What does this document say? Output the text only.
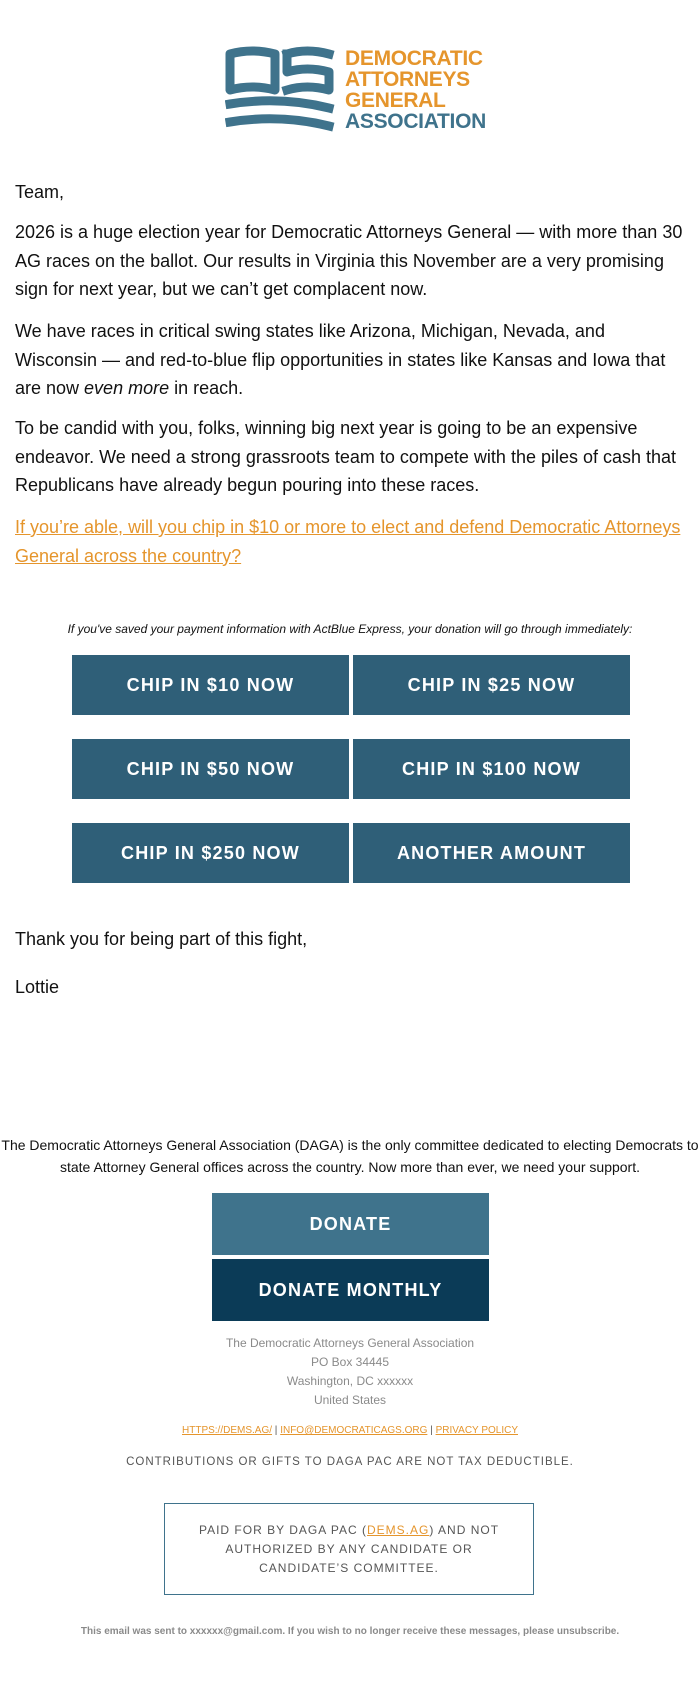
DEMOCRATIC
ATTORNEYS
GENERAL
ASSOCIATION

Team,

2026 is a huge election year for Democratic Attorneys General — with more than 30 AG races on the ballot. Our results in Virginia this November are a very promising sign for next year, but we can’t get complacent now.

We have races in critical swing states like Arizona, Michigan, Nevada, and Wisconsin — and red-to-blue flip opportunities in states like Kansas and Iowa that are now even more in reach.

To be candid with you, folks, winning big next year is going to be an expensive endeavor. We need a strong grassroots team to compete with the piles of cash that Republicans have already begun pouring into these races.

If you’re able, will you chip in $10 or more to elect and defend Democratic Attorneys General across the country?

If you've saved your payment information with ActBlue Express, your donation will go through immediately:
CHIP IN $10 NOW	CHIP IN $25 NOW
CHIP IN $50 NOW	CHIP IN $100 NOW
CHIP IN $250 NOW	ANOTHER AMOUNT

Thank you for being part of this fight,

Lottie

The Democratic Attorneys General Association (DAGA) is the only committee dedicated to electing Democrats to state Attorney General offices across the country. Now more than ever, we need your support.

DONATE
DONATE MONTHLY
The Democratic Attorneys General Association
PO Box 34445
Washington, DC xxxxxx
United States
HTTPS://DEMS.AG/ | INFO@DEMOCRATICAGS.ORG | PRIVACY POLICY
CONTRIBUTIONS OR GIFTS TO DAGA PAC ARE NOT TAX DEDUCTIBLE.
PAID FOR BY DAGA PAC (DEMS.AG) AND NOT AUTHORIZED BY ANY CANDIDATE OR CANDIDATE’S COMMITTEE.
This email was sent to xxxxxx@gmail.com. If you wish to no longer receive these messages, please unsubscribe.
